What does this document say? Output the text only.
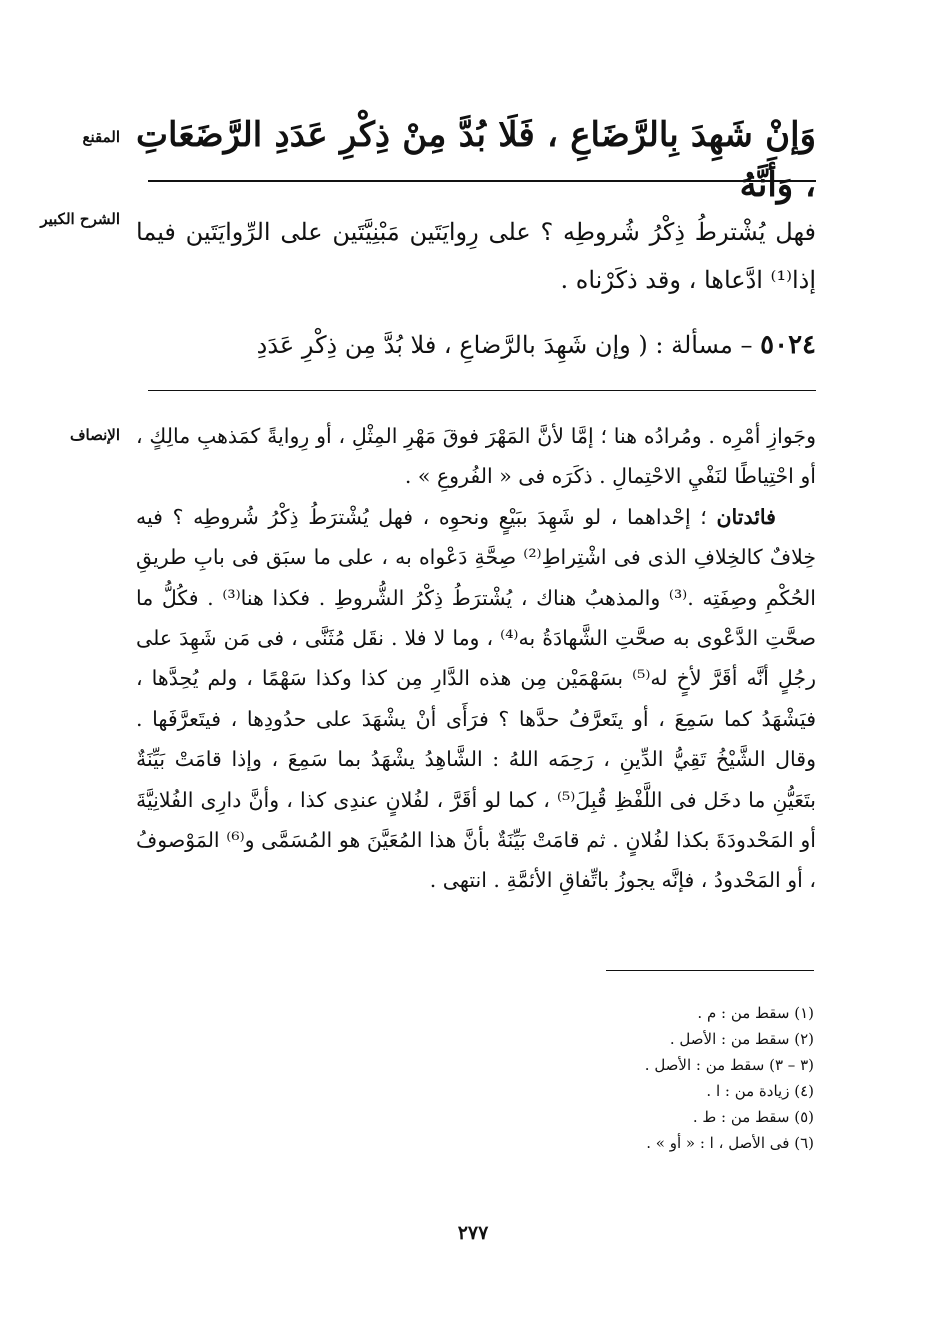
المقنع وَإنْ شَهِدَ بِالرَّضَاعِ ، فَلَا بُدَّ مِنْ ذِكْرِ عَدَدِ الرَّضَعَاتِ ، وَأَنَّهُ
الشرح الكبير فهل يُشْترطُ ذِكْرُ شُروطِه ؟ على رِوايَتَين مَبْنِيَّتَين على الرِّوايَتَين فيما إذا⁽¹⁾ ادَّعاها ، وقد ذكَرْناه .
٥٠٢٤ – مسألة : ( وإن شَهِدَ بالرَّضاعِ ، فلا بُدَّ مِن ذِكْرِ عَدَدِ
الإنصاف وجَوازِ أمْرِه . ومُرادُه هنا ؛ إمَّا لأنَّ المَهْرَ فوقَ مَهْرِ المِثْلِ ، أو رِوايةً كمَذهبِ مالِكٍ ، أو احْتِياطًا لنَفْيِ الاحْتِمالِ . ذكَرَه فى « الفُروعِ » .

فائدتان ؛ إحْداهما ، لو شَهِدَ ببَيْعٍ ونحوِه ، فهل يُشْترَطُ ذِكْرُ شُروطِه ؟ فيه خِلافٌ كالخِلافِ الذى فى اشْتِراطِ⁽²⁾ صِحَّةِ دَعْواه به ، على ما سبَق فى بابِ طريقِ الحُكْمِ وصِفَتِه .⁽³⁾ والمذهبُ هناك ، يُشْترَطُ ذِكْرُ الشُّروطِ . فكذا هنا⁽³⁾ . فكُلُّ ما صحَّتِ الدَّعْوى به صحَّتِ الشَّهادَةُ به⁽⁴⁾ ، وما لا فلا . نقَل مُثَنَّى ، فى مَن شَهِدَ على رجُلٍ أنَّه أقَرَّ لأخٍ له⁽⁵⁾ بسَهْمَيْن مِن هذه الدَّارِ مِن كذا وكذا سَهْمًا ، ولم يُحِدَّها ، فيَشْهَدُ كما سَمِعَ ، أو يتَعرَّفُ حدَّها ؟ فرَأَى أنْ يشْهَدَ على حدُودِها ، فيتَعرَّفَها . وقال الشَّيْخُ تَقِيُّ الدِّينِ ، رَحِمَه اللهُ : الشَّاهِدُ يشْهَدُ بما سَمِعَ ، وإذا قامَتْ بَيِّنَةٌ بتَعَيُّنِ ما دخَل فى اللَّفْظِ قُبِلَ⁽⁵⁾ ، كما لو أقَرَّ ، لفُلانٍ عندِى كذا ، وأنَّ دارِى الفُلانِيَّةَ أو المَحْدودَةَ بكذا لفُلانٍ . ثم قامَتْ بَيِّنَةٌ بأنَّ هذا المُعَيَّنَ هو المُسَمَّى و⁽⁶⁾ المَوْصوفُ ، أو المَحْدودُ ، فإنَّه يجوزُ باتِّفاقِ الأئمَّةِ . انتهى .

(١) سقط من : م .
(٢) سقط من : الأصل .
(٣ – ٣) سقط من : الأصل .
(٤) زيادة من : ا .
(٥) سقط من : ط .
(٦) فى الأصل ، ا : « أو » .
٢٧٧
